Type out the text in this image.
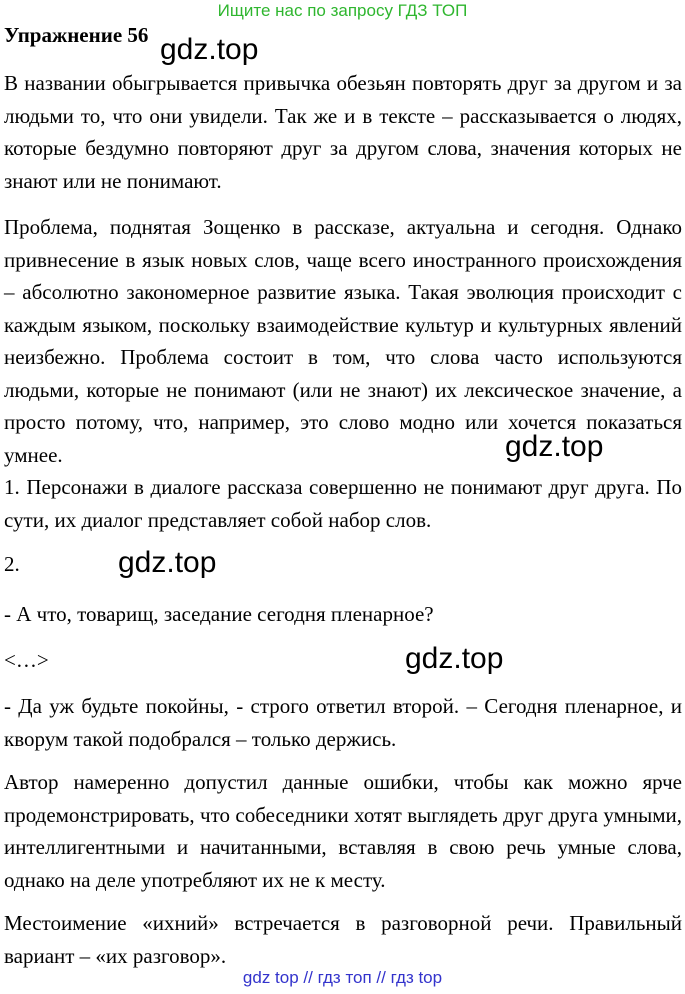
Ищите нас по запросу ГДЗ ТОП
Упражнение 56 gdz.top

В названии обыгрывается привычка обезьян повторять друг за другом и за людьми то, что они увидели. Так же и в тексте – рассказывается о людях, которые бездумно повторяют друг за другом слова, значения которых не знают или не понимают.

Проблема, поднятая Зощенко в рассказе, актуальна и сегодня. Однако привнесение в язык новых слов, чаще всего иностранного происхождения – абсолютно закономерное развитие языка. Такая эволюция происходит с каждым языком, поскольку взаимодействие культур и культурных явлений неизбежно. Проблема состоит в том, что слова часто используются людьми, которые не понимают (или не знают) их лексическое значение, а просто потому, что, например, это слово модно или хочется показаться умнее.	gdz.top

1. Персонажи в диалоге рассказа совершенно не понимают друг друга. По сути, их диалог представляет собой набор слов.

2.	gdz.top

- А что, товарищ, заседание сегодня пленарное?

<…>	gdz.top

- Да уж будьте покойны, - строго ответил второй. – Сегодня пленарное, и кворум такой подобрался – только держись.

Автор намеренно допустил данные ошибки, чтобы как можно ярче продемонстрировать, что собеседники хотят выглядеть друг друга умными, интеллигентными и начитанными, вставляя в свою речь умные слова, однако на деле употребляют их не к месту.

Местоимение «ихний» встречается в разговорной речи. Правильный вариант – «их разговор».

gdz top // гдз топ // гдз top
